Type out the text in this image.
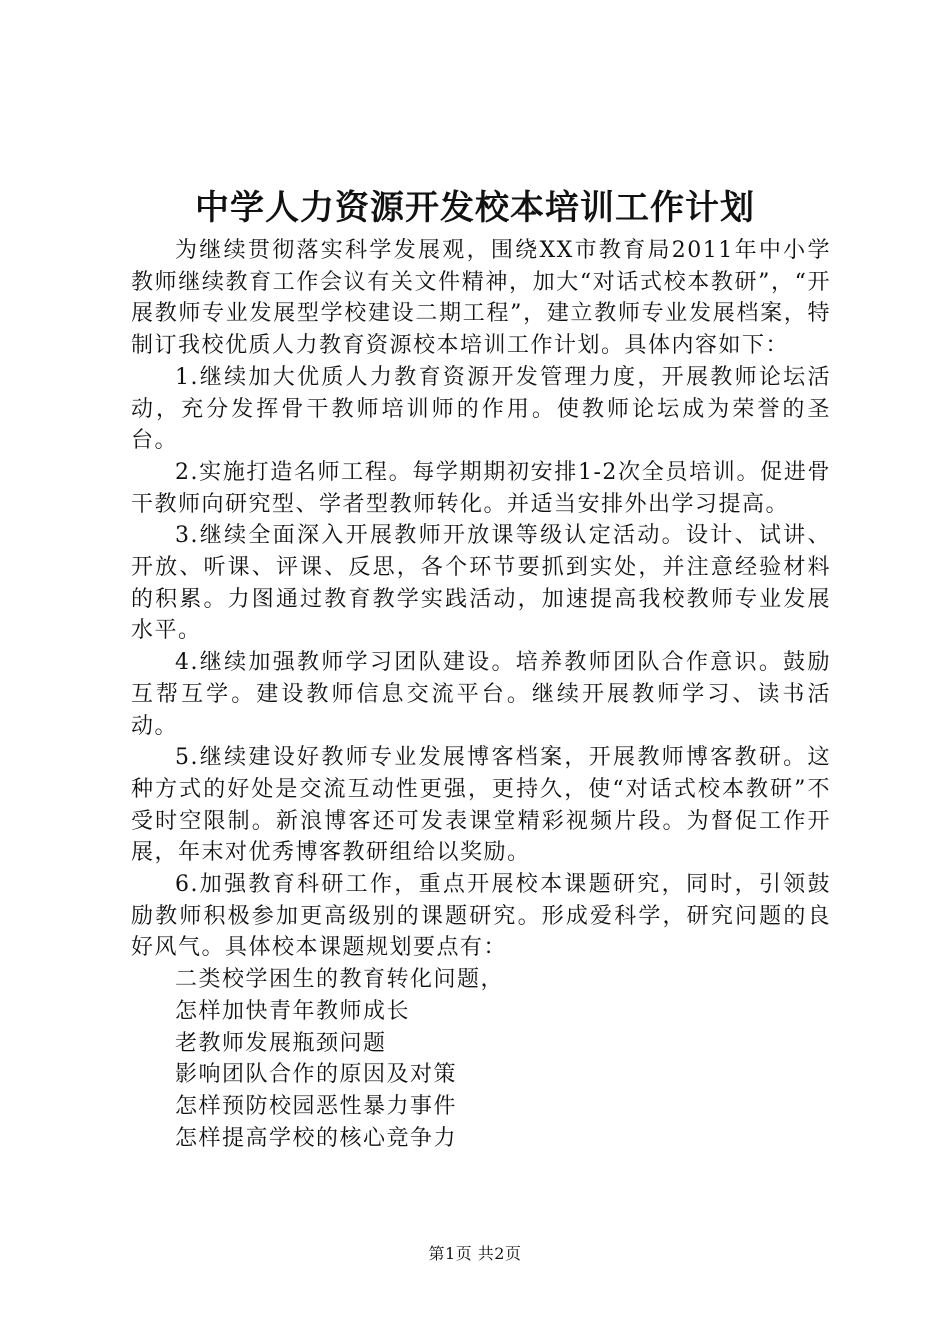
中学人力资源开发校本培训工作计划

为继续贯彻落实科学发展观，围绕XX市教育局2011年中小学教师继续教育工作会议有关文件精神，加大“对话式校本教研”，“开展教师专业发展型学校建设二期工程”，建立教师专业发展档案，特制订我校优质人力教育资源校本培训工作计划。具体内容如下：

1.继续加大优质人力教育资源开发管理力度，开展教师论坛活动，充分发挥骨干教师培训师的作用。使教师论坛成为荣誉的圣台。

2.实施打造名师工程。每学期期初安排1-2次全员培训。促进骨干教师向研究型、学者型教师转化。并适当安排外出学习提高。

3.继续全面深入开展教师开放课等级认定活动。设计、试讲、开放、听课、评课、反思，各个环节要抓到实处，并注意经验材料的积累。力图通过教育教学实践活动，加速提高我校教师专业发展水平。

4.继续加强教师学习团队建设。培养教师团队合作意识。鼓励互帮互学。建设教师信息交流平台。继续开展教师学习、读书活动。

5.继续建设好教师专业发展博客档案，开展教师博客教研。这种方式的好处是交流互动性更强，更持久，使“对话式校本教研”不受时空限制。新浪博客还可发表课堂精彩视频片段。为督促工作开展，年末对优秀博客教研组给以奖励。

6.加强教育科研工作，重点开展校本课题研究，同时，引领鼓励教师积极参加更高级别的课题研究。形成爱科学，研究问题的良好风气。具体校本课题规划要点有：

二类校学困生的教育转化问题，

怎样加快青年教师成长

老教师发展瓶颈问题

影响团队合作的原因及对策

怎样预防校园恶性暴力事件

怎样提高学校的核心竞争力

第1页 共2页
